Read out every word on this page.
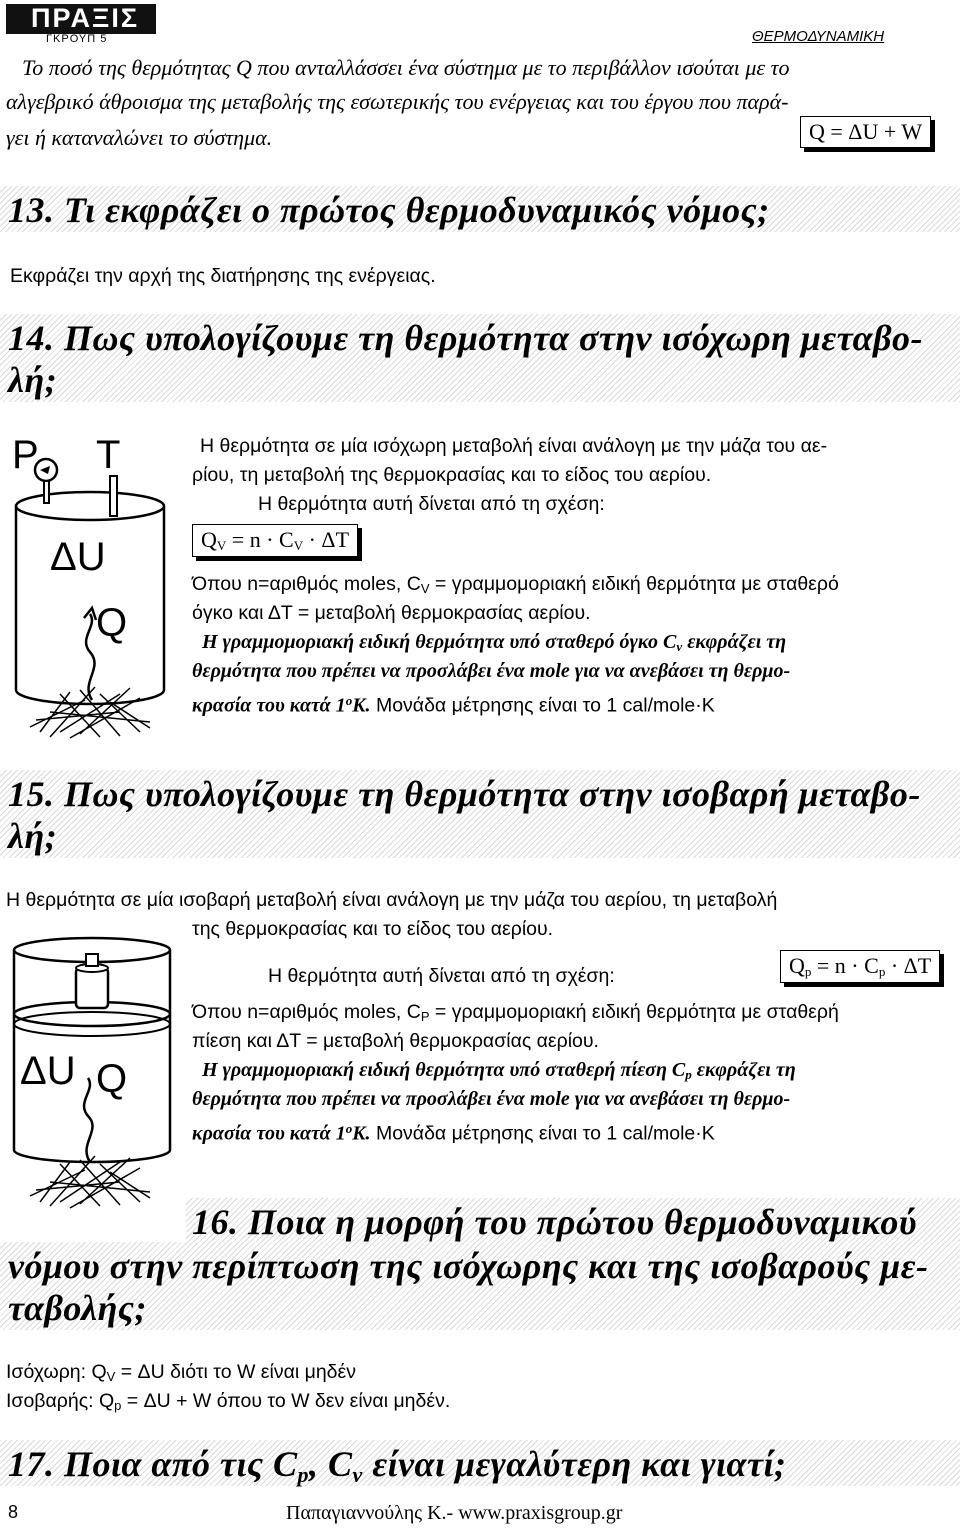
ΠΡΑΞΙΣ
ΓΚΡΟΥΠ 5	ΘΕΡΜΟΔΥΝΑΜΙΚΗ
Το ποσό της θερμότητας Q που ανταλλάσσει ένα σύστημα με το περιβάλλον ισούται με το
αλγεβρικό άθροισμα της μεταβολής της εσωτερικής του ενέργειας και του έργου που παρά-
γει ή καταναλώνει το σύστημα.	Q = ΔU + W
13. Τι εκφράζει ο πρώτος θερμοδυναμικός νόμος;
Εκφράζει την αρχή της διατήρησης της ενέργειας.
14. Πως υπολογίζουμε τη θερμότητα στην ισόχωρη μεταβο-
λή;
P T
ΔU
Q
Η θερμότητα σε μία ισόχωρη μεταβολή είναι ανάλογη με την μάζα του αε-
ρίου, τη μεταβολή της θερμοκρασίας και το είδος του αερίου.
Η θερμότητα αυτή δίνεται από τη σχέση:
$Q_V = n \cdot C_V \cdot \Delta T$
Όπου n=αριθμός moles, $C_V = \gamma\rho\alpha\mu\mu o\mu o\rho\iota\alpha\kappa ή$ ειδική θερμότητα με σταθερό
όγκο και ΔT = μεταβολή θερμοκρασίας αερίου.
Η γραμμομοριακή ειδική θερμότητα υπό σταθερό όγκο $C_v$ εκφράζει τη
θερμότητα που πρέπει να προσλάβει ένα mole για να ανεβάσει τη θερμο-
κρασία του κατά $1^oK$. Μονάδα μέτρησης είναι το 1 cal/mole·K
15. Πως υπολογίζουμε τη θερμότητα στην ισοβαρή μεταβο-
λή;
Η θερμότητα σε μία ισοβαρή μεταβολή είναι ανάλογη με την μάζα του αερίου, τη μεταβολή
της θερμοκρασίας και το είδος του αερίου.
ΔU Q
Η θερμότητα αυτή δίνεται από τη σχέση:	$Q_p = n \cdot C_p \cdot \Delta T$
Όπου n=αριθμός moles, $C_P = \gamma\rho\alpha\mu\mu o\mu o\rho\iota\alpha\kappa ή$ ειδική θερμότητα με σταθερή
πίεση και ΔT = μεταβολή θερμοκρασίας αερίου.
Η γραμμομοριακή ειδική θερμότητα υπό σταθερή πίεση $C_p$ εκφράζει τη
θερμότητα που πρέπει να προσλάβει ένα mole για να ανεβάσει τη θερμο-
κρασία του κατά $1^oK$. Μονάδα μέτρησης είναι το 1 cal/mole·K
16. Ποια η μορφή του πρώτου θερμοδυναμικού
νόμου στην περίπτωση της ισόχωρης και της ισοβαρούς με-
ταβολής;
Ισόχωρη: $Q_V = \Delta U$ διότι το W είναι μηδέν
Ισοβαρής: $Q_p = \Delta U + W$ όπου το W δεν είναι μηδέν.
17. Ποια από τις $C_p$, $C_v$ είναι μεγαλύτερη και γιατί;
8	Παπαγιαννούλης Κ.- www.praxisgroup.gr
